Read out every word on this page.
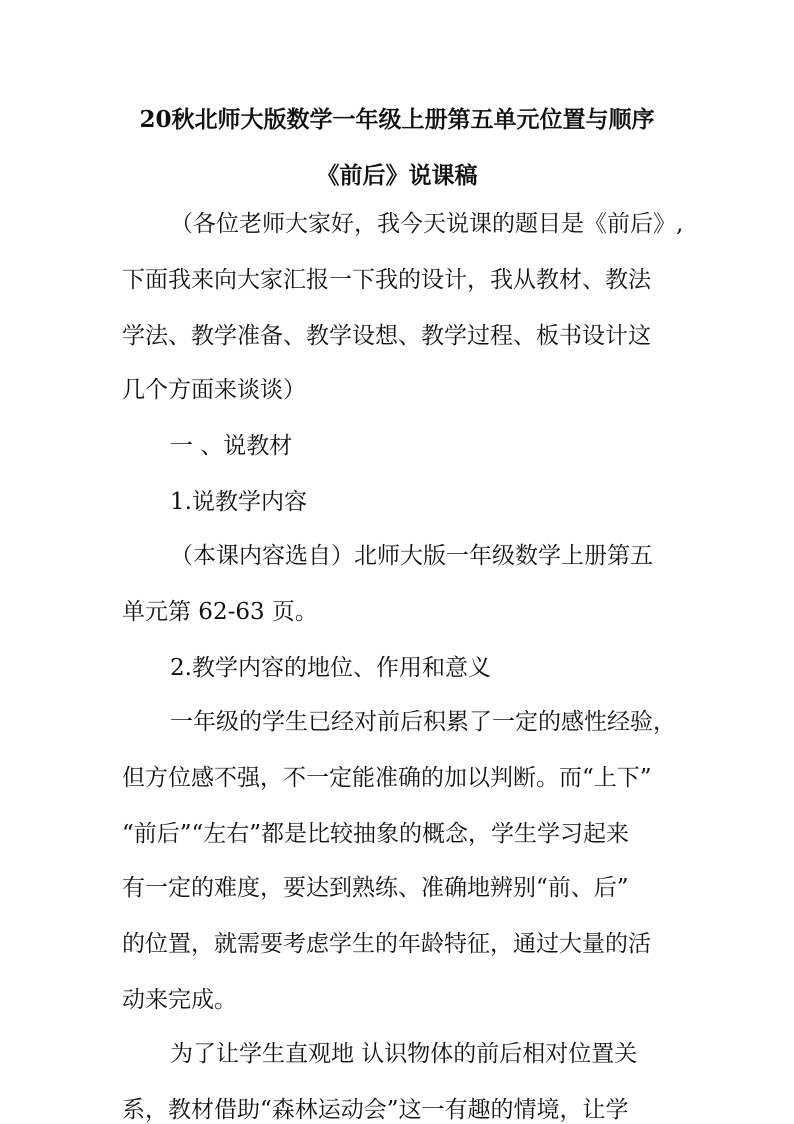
20秋北师大版数学一年级上册第五单元位置与顺序
《前后》说课稿
（各位老师大家好，我今天说课的题目是《前后》,
下面我来向大家汇报一下我的设计，我从教材、教法
学法、教学准备、教学设想、教学过程、板书设计这
几个方面来谈谈）
一 、说教材
1.说教学内容
（本课内容选自）北师大版一年级数学上册第五
单元第 62-63 页。
2.教学内容的地位、作用和意义
一年级的学生已经对前后积累了一定的感性经验，
但方位感不强，不一定能准确的加以判断。而“上下”
“前后”“左右”都是比较抽象的概念，学生学习起来
有一定的难度，要达到熟练、准确地辨别“前、后”
的位置，就需要考虑学生的年龄特征，通过大量的活
动来完成。
为了让学生直观地 认识物体的前后相对位置关
系，教材借助“森林运动会”这一有趣的情境，让学
